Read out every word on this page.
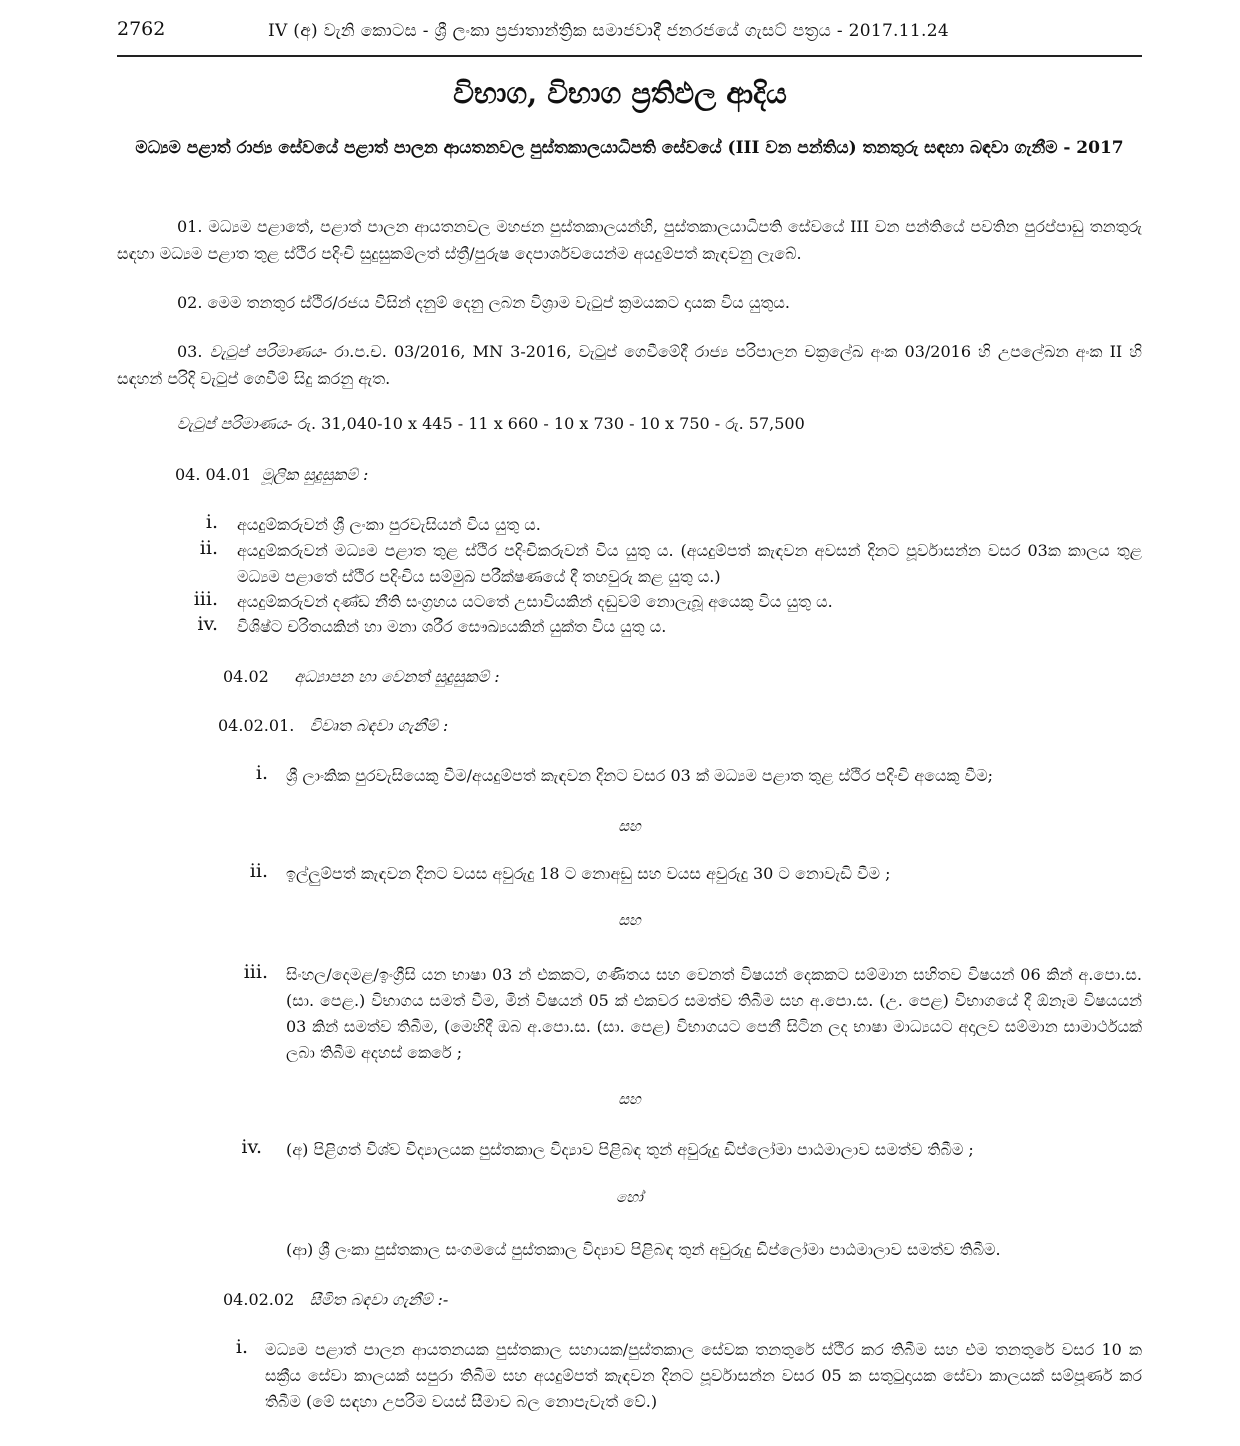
2762	IV (අ) වැනි කොටස - ශ්‍රී ලංකා ප්‍රජාතාන්ත්‍රික සමාජවාදී ජනරජයේ ගැසට් පත්‍රය - 2017.11.24
විභාග, විභාග ප්‍රතිඵල ආදිය
මධ්‍යම පළාත් රාජ්‍ය සේවයේ පළාත් පාලන ආයතනවල පුස්තකාලයාධිපති සේවයේ (III වන පන්තිය) තනතුරු සඳහා බඳවා ගැනීම - 2017
01. මධ්‍යම පළාතේ, පළාත් පාලන ආයතනවල මහජන පුස්තකාලයන්හි, පුස්තකාලයාධිපති සේවයේ III වන පන්තියේ පවතින පුරප්පාඩු තනතුරු සඳහා මධ්‍යම පළාත තුළ ස්ථිර පදිංචි සුදුසුකම්ලත් ස්ත්‍රී/පුරුෂ දෙපාර්ශවයෙන්ම අයදුම්පත් කැඳවනු ලැබේ.
02. මෙම තනතුර ස්ථිර/රජය විසින් දනුම් දෙනු ලබන විශ්‍රාම වැටුප් ක්‍රමයකට දායක විය යුතුය.
03. වැටුප් පරිමාණය- රා.ප.ච. 03/2016, MN 3-2016, වැටුප් ගෙවීමේදී රාජ්‍ය පරිපාලන චක්‍රලේඛ අංක 03/2016 හි උපලේඛන අංක II හි සඳහන් පරිදි වැටුප් ගෙවීම් සිදු කරනු ඇත.
වැටුප් පරිමාණය- රු. 31,040-10 x 445 - 11 x 660 - 10 x 730 - 10 x 750 - රු. 57,500
04. 04.01 මූලික සුදුසුකම් :
i. අයදුම්කරුවන් ශ්‍රී ලංකා පුරවැසියන් විය යුතු ය.
ii. අයදුම්කරුවන් මධ්‍යම පළාත තුළ ස්ථිර පදිංචිකරුවන් විය යුතු ය. (අයදුම්පත් කැඳවන අවසන් දිනට පූර්වාසන්න වසර 03ක කාලය තුළ මධ්‍යම පළාතේ ස්ථිර පදිංචිය සම්මුඛ පරීක්ෂණයේ දී තහවුරු කළ යුතු ය.)
iii. අයදුම්කරුවන් දණ්ඩ නීති සංග්‍රහය යටතේ උසාවියකින් දඬුවම් නොලැබූ අයෙකු විය යුතු ය.
iv. විශිෂ්ට චරිතයකින් හා මනා ශරීර සෞඛ්‍යයකින් යුක්ත විය යුතු ය.
04.02 අධ්‍යාපන හා වෙනත් සුදුසුකම් :
04.02.01. විවෘත බඳවා ගැනීම් :
i. ශ්‍රී ලාංකික පුරවැසියෙකු වීම/අයදුම්පත් කැඳවන දිනට වසර 03 ක් මධ්‍යම පළාත තුළ ස්ථිර පදිංචි අයෙකු වීම;
සහ
ii. ඉල්ලුම්පත් කැඳවන දිනට වයස අවුරුදු 18 ට නොඅඩු සහ වයස අවුරුදු 30 ට නොවැඩි වීම ;
සහ
iii. සිංහල/දෙමළ/ඉංග්‍රීසි යන භාෂා 03 න් එකකට, ගණිතය සහ වෙනත් විෂයන් දෙකකට සම්මාන සහිතව විෂයන් 06 කින් අ.පො.ස. (සා. පෙළ.) විභාගය සමත් වීම, මින් විෂයන් 05 ක් එකවර සමත්ව තිබීම සහ අ.පො.ස. (උ. පෙළ) විභාගයේ දී ඕනෑම විෂයයන් 03 කින් සමත්ව තිබීම, (මෙහිදී ඔබ අ.පො.ස. (සා. පෙළ) විභාගයට පෙනී සිටින ලද භාෂා මාධ්‍යයට අදාලව සම්මාන සාමාර්ථයක් ලබා තිබීම අදහස් කෙරේ ;
සහ
iv. (අ) පිළිගත් විශ්ව විද්‍යාලයක පුස්තකාල විද්‍යාව පිළිබඳ තුන් අවුරුදු ඩිප්ලෝමා පාඨමාලාව සමත්ව තිබීම ;
හෝ
(ආ) ශ්‍රී ලංකා පුස්තකාල සංගමයේ පුස්තකාල විද්‍යාව පිළිබඳ තුන් අවුරුදු ඩිප්ලෝමා පාඨමාලාව සමත්ව තිබීම.
04.02.02 සීමිත බඳවා ගැනීම් :-
i. මධ්‍යම පළාත් පාලන ආයතනයක පුස්තකාල සහායක/පුස්තකාල සේවක තනතුරේ ස්ථිර කර තිබීම සහ එම තනතුරේ වසර 10 ක සක්‍රීය සේවා කාලයක් සපුරා තිබීම සහ අයදුම්පත් කැඳවන දිනට පූර්වාසන්න වසර 05 ක සතුටුදායක සේවා කාලයක් සම්පූර්ණ කර තිබීම (මේ සඳහා උපරිම වයස් සීමාව බල නොපැවැත් වේ.)
